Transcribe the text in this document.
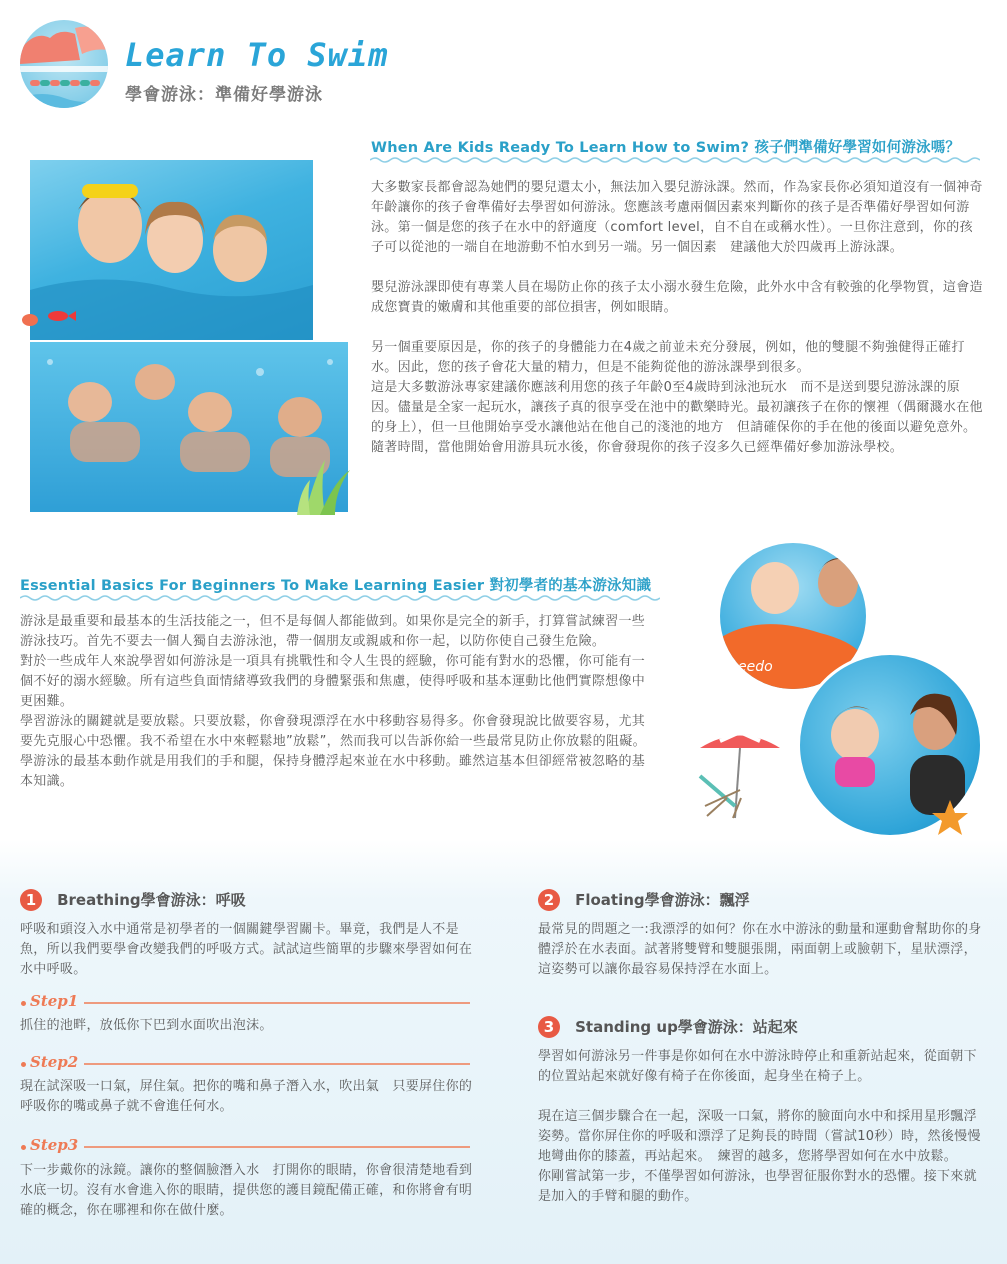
Learn To Swim
學會游泳：準備好學游泳
When Are Kids Ready To Learn How to Swim? 孩子們準備好學習如何游泳嗎？

大多數家長都會認為她們的嬰兒還太小，無法加入嬰兒游泳課。然而，作為家長你必須知道沒有一個神奇年齡讓你的孩子會準備好去學習如何游泳。您應該考慮兩個因素來判斷你的孩子是否準備好學習如何游泳。第一個是您的孩子在水中的舒適度（comfort level，自不自在或稱水性）。一旦你注意到，你的孩子可以從池的一端自在地游動不怕水到另一端。另一個因素　建議他大於四歲再上游泳課。

嬰兒游泳課即使有專業人員在場防止你的孩子太小溺水發生危險，此外水中含有較強的化學物質，這會造成您寶貴的嫩膚和其他重要的部位損害，例如眼睛。

另一個重要原因是，你的孩子的身體能力在4歲之前並未充分發展，例如，他的雙腿不夠強健得正確打水。因此，您的孩子會花大量的精力，但是不能夠從他的游泳課學到很多。

這是大多數游泳專家建議你應該利用您的孩子年齡0至4歲時到泳池玩水　而不是送到嬰兒游泳課的原因。儘量是全家一起玩水，讓孩子真的很享受在池中的歡樂時光。最初讓孩子在你的懷裡（偶爾濺水在他的身上），但一旦他開始享受水讓他站在他自己的淺池的地方　但請確保你的手在他的後面以避免意外。隨著時間，當他開始會用游具玩水後，你會發現你的孩子沒多久已經準備好參加游泳學校。

Essential Basics For Beginners To Make Learning Easier 對初學者的基本游泳知識

游泳是最重要和最基本的生活技能之一，但不是每個人都能做到。如果你是完全的新手，打算嘗試練習一些游泳技巧。首先不要去一個人獨自去游泳池，帶一個朋友或親戚和你一起，以防你使自己發生危險。

對於一些成年人來說學習如何游泳是一項具有挑戰性和令人生畏的經驗，你可能有對水的恐懼，你可能有一個不好的溺水經驗。所有這些負面情緒導致我們的身體緊張和焦慮，使得呼吸和基本運動比他們實際想像中更困難。

學習游泳的關鍵就是要放鬆。只要放鬆，你會發現漂浮在水中移動容易得多。你會發現說比做要容易，尤其要先克服心中恐懼。我不希望在水中來輕鬆地”放鬆”，然而我可以告訴你給一些最常見防止你放鬆的阻礙。

學游泳的最基本動作就是用我们的手和腿，保持身體浮起來並在水中移動。雖然這基本但卻經常被忽略的基本知識。

eedo
1 Breathing學會游泳：呼吸
呼吸和頭沒入水中通常是初學者的一個關鍵學習關卡。畢竟，我們是人不是魚，所以我們要學會改變我們的呼吸方式。試試這些簡單的步驟來學習如何在水中呼吸。
Step1
抓住的池畔，放低你下巴到水面吹出泡沫。
Step2
現在試深吸一口氣，屏住氣。把你的嘴和鼻子潛入水，吹出氣　只要屏住你的呼吸你的嘴或鼻子就不會進任何水。
Step3
下一步戴你的泳鏡。讓你的整個臉潛入水　打開你的眼睛，你會很清楚地看到水底一切。沒有水會進入你的眼睛，提供您的護目鏡配備正確，和你將會有明確的概念，你在哪裡和你在做什麼。
2 Floating學會游泳：飄浮
最常見的問題之一:我漂浮的如何？你在水中游泳的動量和運動會幫助你的身體浮於在水表面。試著將雙臂和雙腿張開，兩面朝上或臉朝下，星狀漂浮，這姿勢可以讓你最容易保持浮在水面上。
3 Standing up學會游泳：站起來

學習如何游泳另一件事是你如何在水中游泳時停止和重新站起來，從面朝下的位置站起來就好像有椅子在你後面，起身坐在椅子上。

現在這三個步驟合在一起，深吸一口氣，將你的臉面向水中和採用星形飄浮姿勢。當你屏住你的呼吸和漂浮了足夠長的時間（嘗試10秒）時，然後慢慢地彎曲你的膝蓋，再站起來。　練習的越多，您將學習如何在水中放鬆。

你剛嘗試第一步，不僅學習如何游泳，也學習征服你對水的恐懼。接下來就是加入的手臂和腿的動作。
